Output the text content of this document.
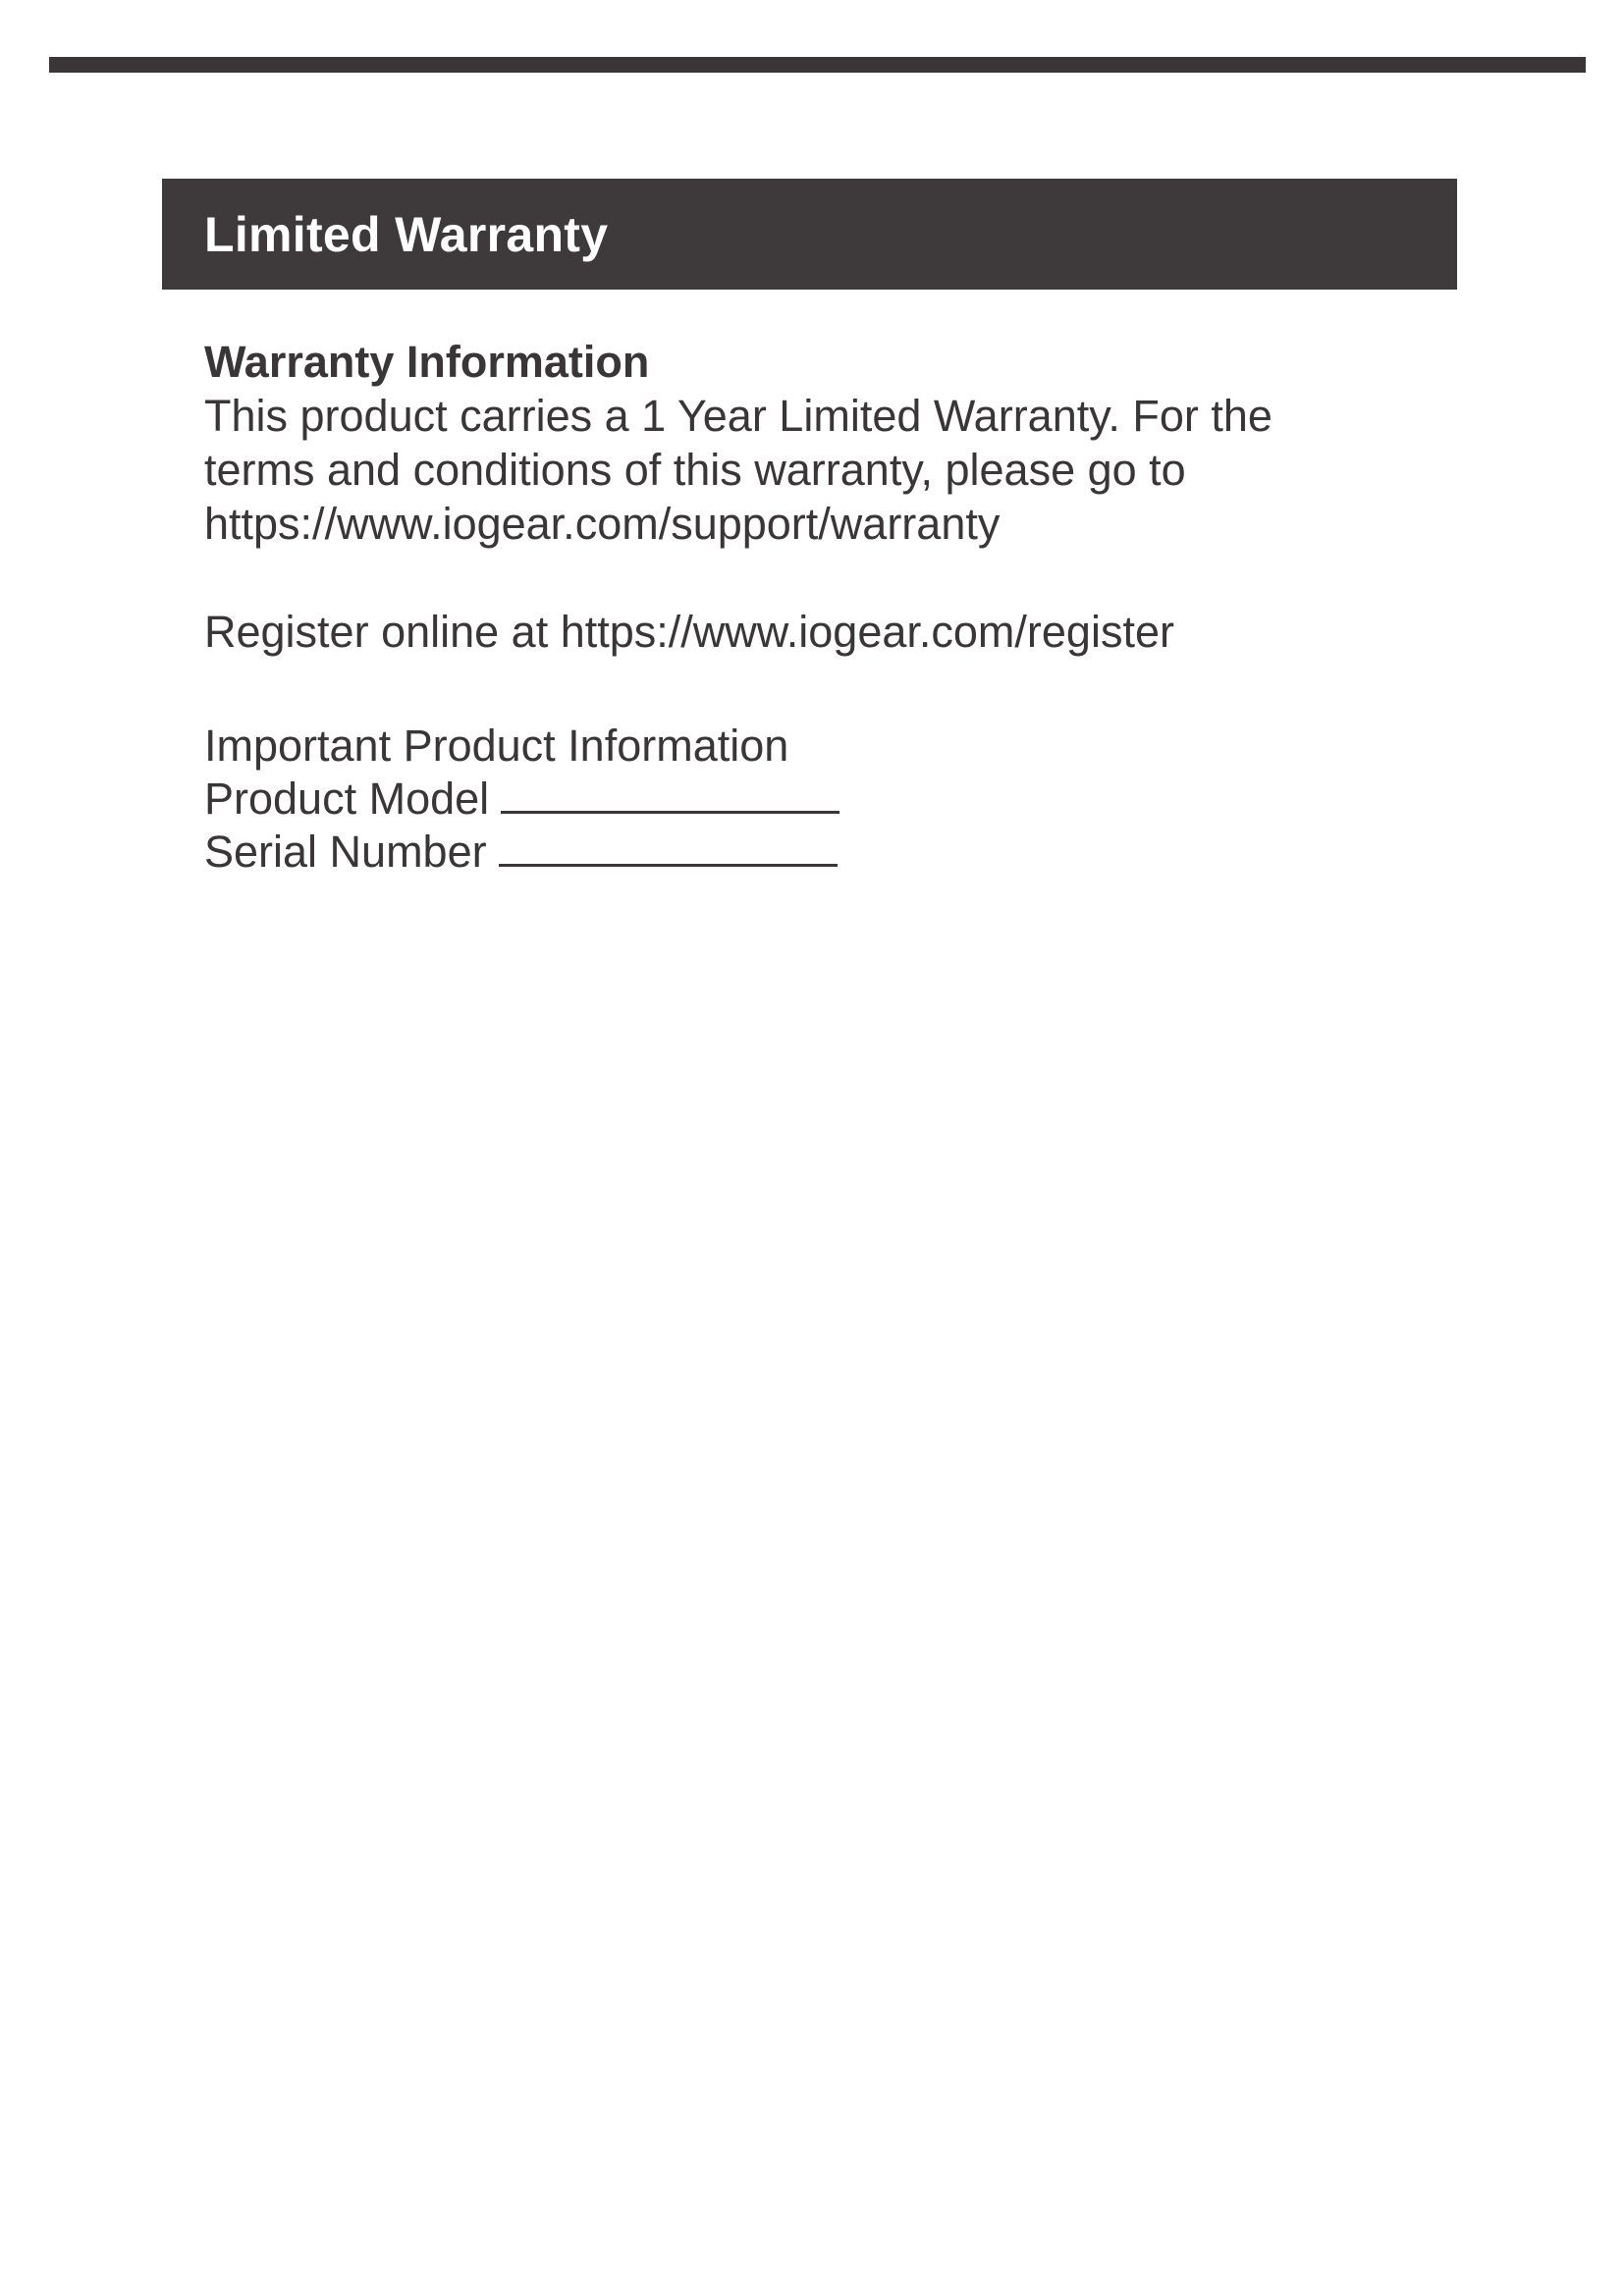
Limited Warranty
Warranty Information

This product carries a 1 Year Limited Warranty. For the
terms and conditions of this warranty, please go to
https://www.iogear.com/support/warranty

Register online at https://www.iogear.com/register
Important Product Information
Product Model
Serial Number
